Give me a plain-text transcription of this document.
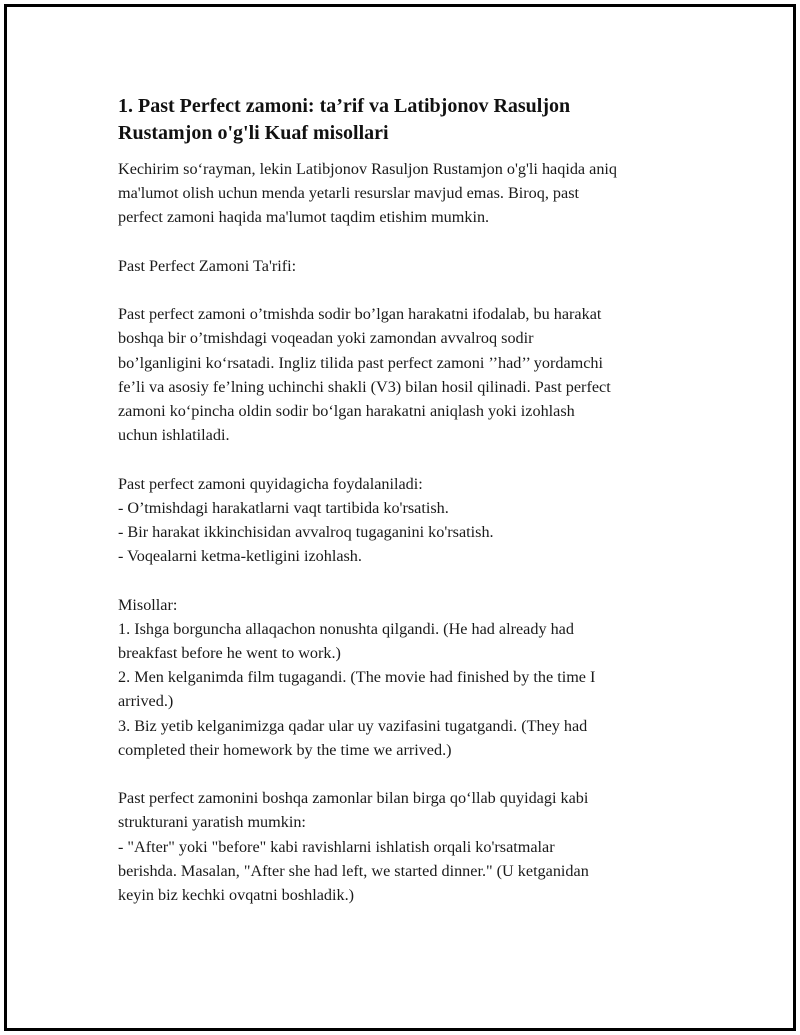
1. Past Perfect zamoni: ta’rif va Latibjonov Rasuljon
Rustamjon o'g'li Kuaf misollari

Kechirim so‘rayman, lekin Latibjonov Rasuljon Rustamjon o'g'li haqida aniq
ma'lumot olish uchun menda yetarli resurslar mavjud emas. Biroq, past
perfect zamoni haqida ma'lumot taqdim etishim mumkin.

Past Perfect Zamoni Ta'rifi:

Past perfect zamoni o’tmishda sodir bo’lgan harakatni ifodalab, bu harakat
boshqa bir o’tmishdagi voqeadan yoki zamondan avvalroq sodir
bo’lganligini ko‘rsatadi. Ingliz tilida past perfect zamoni ’’had’’ yordamchi
fe’li va asosiy fe’lning uchinchi shakli (V3) bilan hosil qilinadi. Past perfect
zamoni ko‘pincha oldin sodir bo‘lgan harakatni aniqlash yoki izohlash
uchun ishlatiladi.

Past perfect zamoni quyidagicha foydalaniladi:
- O’tmishdagi harakatlarni vaqt tartibida ko'rsatish.
- Bir harakat ikkinchisidan avvalroq tugaganini ko'rsatish.
- Voqealarni ketma-ketligini izohlash.

Misollar:
1. Ishga borguncha allaqachon nonushta qilgandi. (He had already had
breakfast before he went to work.)
2. Men kelganimda film tugagandi. (The movie had finished by the time I
arrived.)
3. Biz yetib kelganimizga qadar ular uy vazifasini tugatgandi. (They had
completed their homework by the time we arrived.)

Past perfect zamonini boshqa zamonlar bilan birga qo‘llab quyidagi kabi
strukturani yaratish mumkin:
- "After" yoki "before" kabi ravishlarni ishlatish orqali ko'rsatmalar
berishda. Masalan, "After she had left, we started dinner." (U ketganidan
keyin biz kechki ovqatni boshladik.)
